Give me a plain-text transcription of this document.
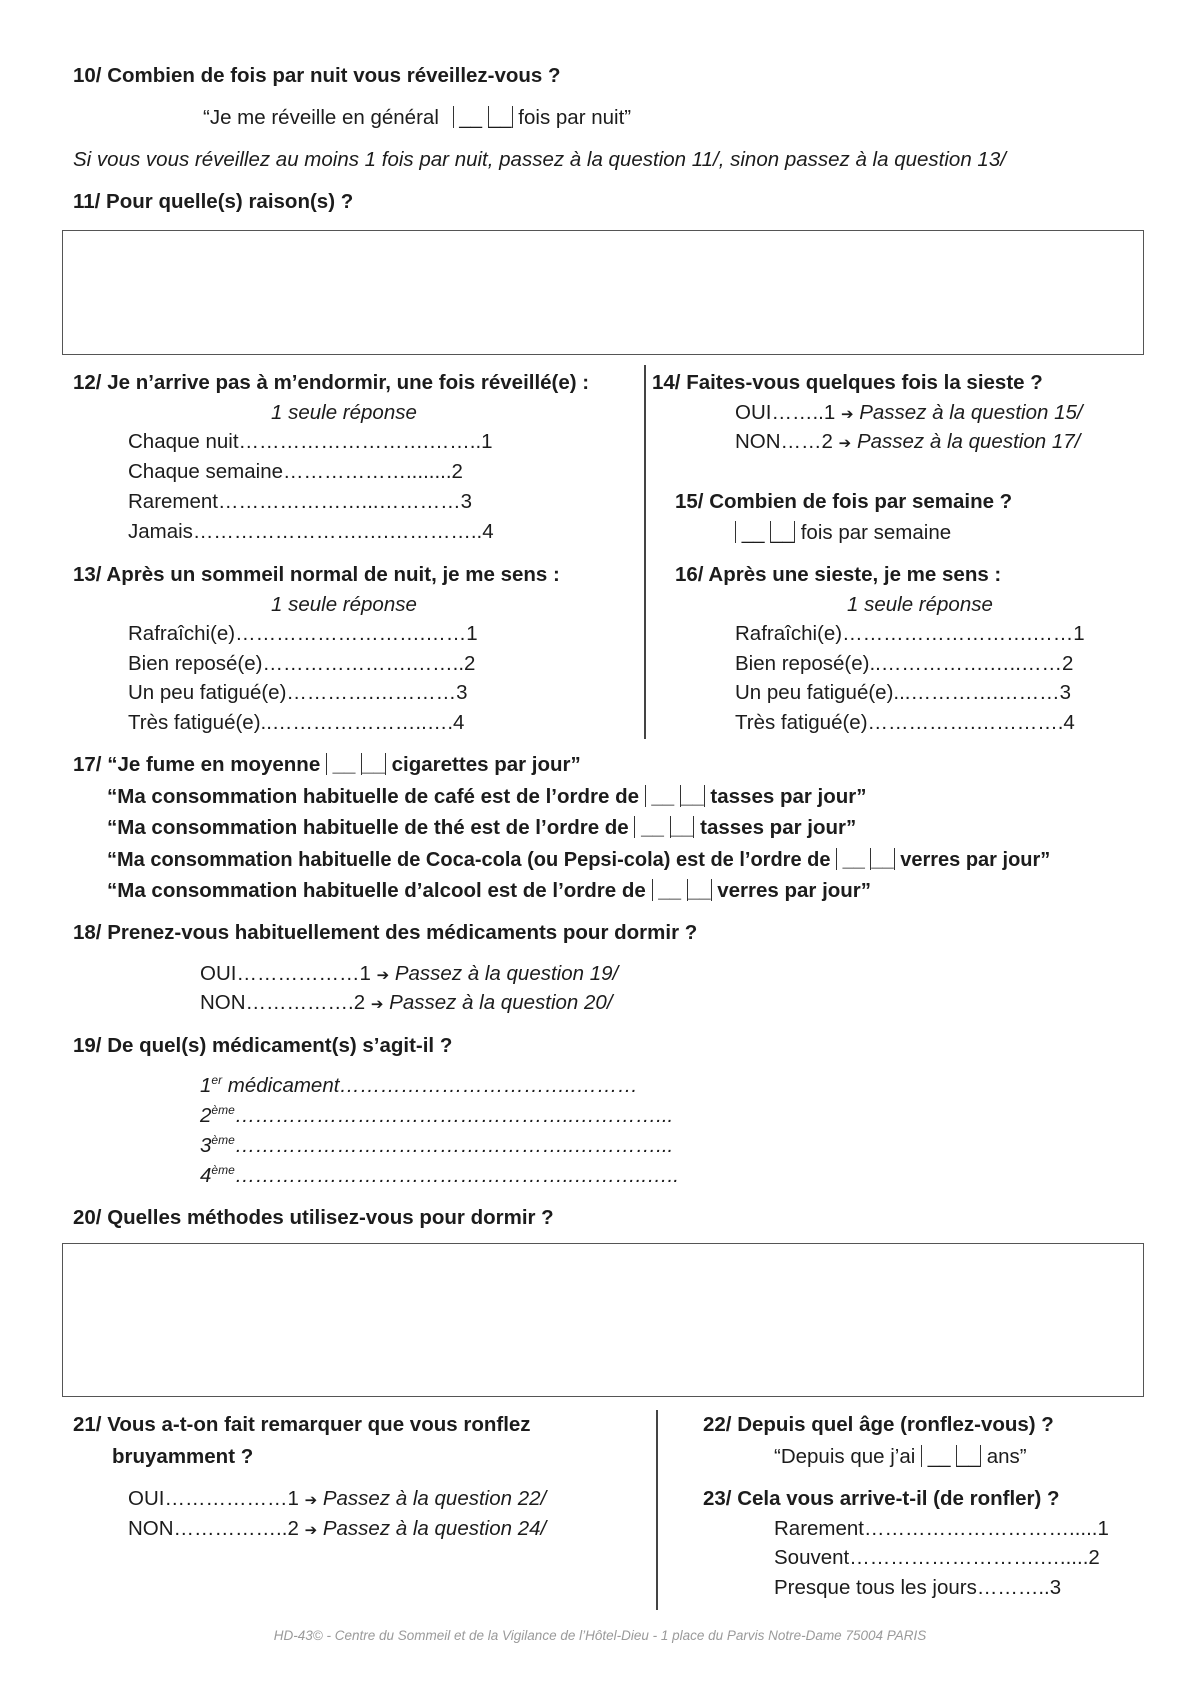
10/ Combien de fois par nuit vous réveillez-vous ?
“Je me réveille en général  __ __ fois par nuit”
Si vous vous réveillez au moins 1 fois par nuit, passez à la question 11/, sinon passez à la question 13/
11/ Pour quelle(s) raison(s) ?
12/ Je n’arrive pas à m’endormir, une fois réveillé(e) :
1 seule réponse
Chaque nuit……………………….……..1
Chaque semaine………………........2
Rarement…………………...…………3
Jamais…………………….….…………..4
13/ Après un sommeil normal de nuit, je me sens :
1 seule réponse
Rafraîchi(e)……………………….……1
Bien reposé(e)………………….……..2
Un peu fatigué(e)………….…………3
Très fatigué(e)..…………………..….4
14/ Faites-vous quelques fois la sieste ?
OUI……..1 ➔ Passez à la question 15/
NON……2 ➔ Passez à la question 17/
15/ Combien de fois par semaine ?
__ __ fois par semaine
16/ Après une sieste, je me sens :
1 seule réponse
Rafraîchi(e)……………………….……1
Bien reposé(e)..…………….…..……2
Un peu fatigué(e)...………….………3
Très fatigué(e)…………….………….4
17/ “Je fume en moyenne  __ __ cigarettes par jour”
“Ma consommation habituelle de café est de l’ordre de  __ __ tasses par jour”
“Ma consommation habituelle de thé est de l’ordre de  __ __ tasses par jour”
“Ma consommation habituelle de Coca-cola (ou Pepsi-cola) est de l’ordre de  __ __ verres par jour”
“Ma consommation habituelle d’alcool est de l’ordre de  __ __ verres par jour”
18/ Prenez-vous habituellement des médicaments pour dormir ?
OUI………………1 ➔ Passez à la question 19/
NON…………….2 ➔ Passez à la question 20/
19/ De quel(s) médicament(s) s’agit-il ?
1er médicament……………………………..………
2ème…………………………………………..…………...
3ème…………………………………………..…………...
4ème…………………………………………..………..…..
20/ Quelles méthodes utilisez-vous pour dormir ?
21/ Vous a-t-on fait remarquer que vous ronflez
bruyamment ?
OUI………………1 ➔ Passez à la question 22/
NON……………..2 ➔ Passez à la question 24/
22/ Depuis quel âge (ronflez-vous) ?
“Depuis que j’ai  __ __ ans”
23/ Cela vous arrive-t-il (de ronfler) ?
Rarement………………………….....1
Souvent……………………….….....2
Presque tous les jours………..3
HD-43© - Centre du Sommeil et de la Vigilance de l’Hôtel-Dieu - 1 place du Parvis Notre-Dame 75004 PARIS
